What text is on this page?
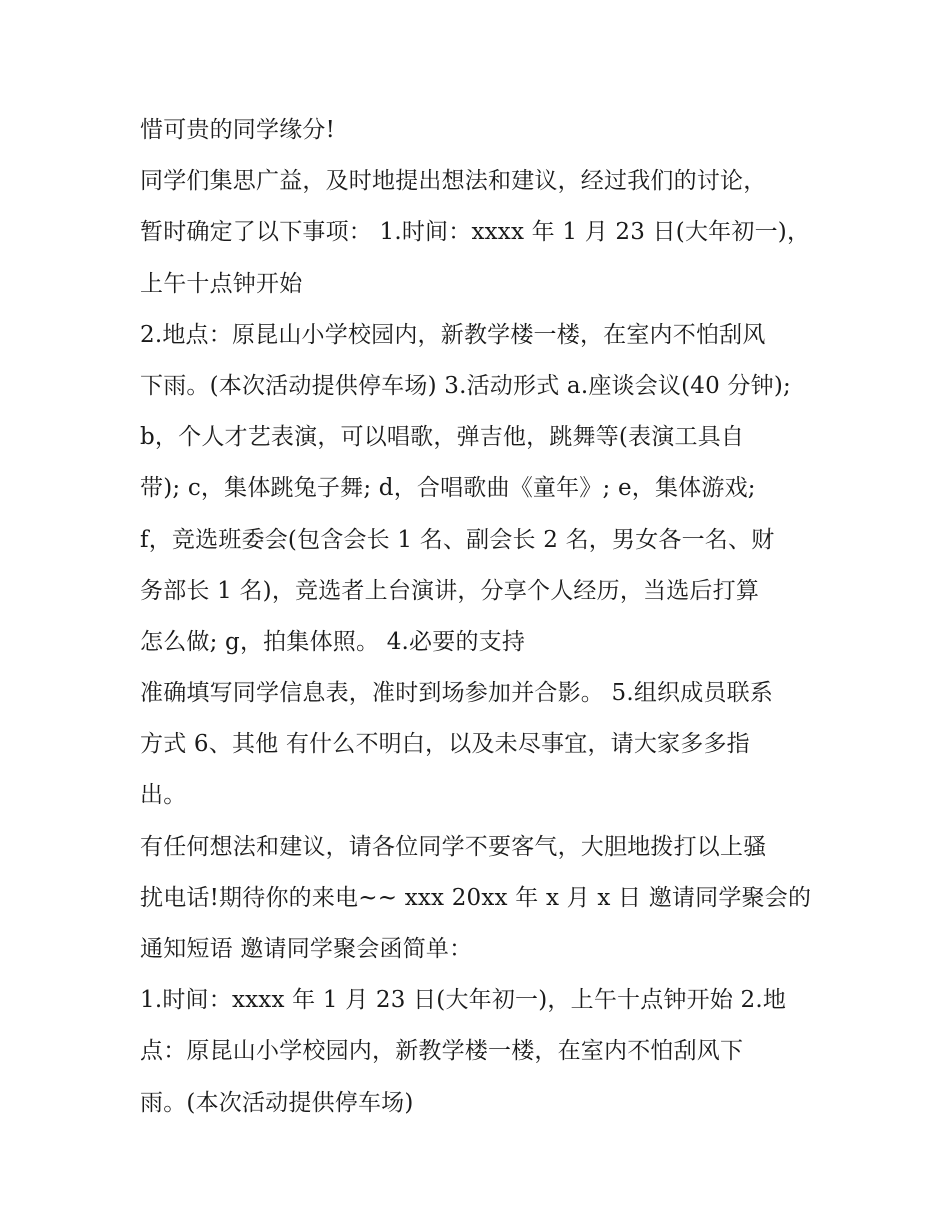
惜可贵的同学缘分!
同学们集思广益，及时地提出想法和建议，经过我们的讨论，
暂时确定了以下事项： 1.时间：xxxx 年 1 月 23 日(大年初一)，
上午十点钟开始
2.地点：原昆山小学校园内，新教学楼一楼，在室内不怕刮风
下雨。(本次活动提供停车场) 3.活动形式 a.座谈会议(40 分钟);
b，个人才艺表演，可以唱歌，弹吉他，跳舞等(表演工具自
带); c，集体跳兔子舞; d，合唱歌曲《童年》; e，集体游戏;
f，竞选班委会(包含会长 1 名、副会长 2 名，男女各一名、财
务部长 1 名)，竞选者上台演讲，分享个人经历，当选后打算
怎么做; g，拍集体照。 4.必要的支持
准确填写同学信息表，准时到场参加并合影。 5.组织成员联系
方式 6、其他 有什么不明白，以及未尽事宜，请大家多多指
出。
有任何想法和建议，请各位同学不要客气，大胆地拨打以上骚
扰电话!期待你的来电~~ xxx 20xx 年 x 月 x 日 邀请同学聚会的
通知短语 邀请同学聚会函简单：
1.时间：xxxx 年 1 月 23 日(大年初一)，上午十点钟开始 2.地
点：原昆山小学校园内，新教学楼一楼，在室内不怕刮风下
雨。(本次活动提供停车场)
